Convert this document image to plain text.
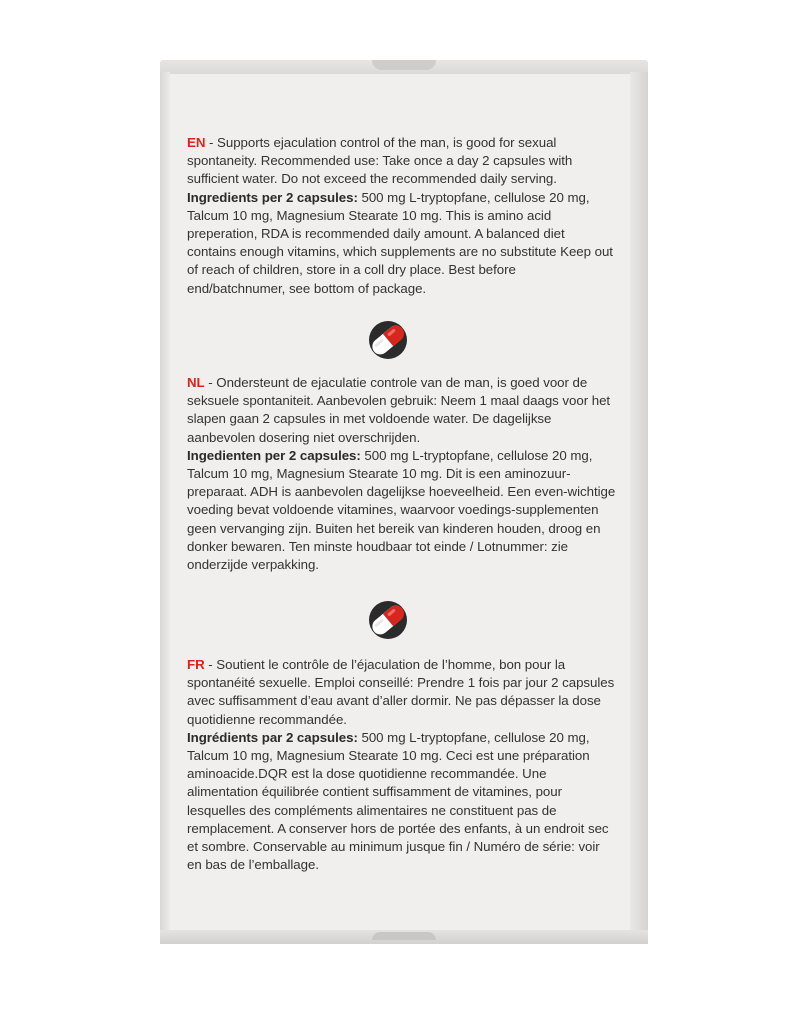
EN - Supports ejaculation control of the man, is good for sexual spontaneity. Recommended use: Take once a day 2 capsules with sufficient water. Do not exceed the recommended daily serving.
Ingredients per 2 capsules: 500 mg L-tryptopfane, cellulose 20 mg, Talcum 10 mg, Magnesium Stearate 10 mg. This is amino acid preperation, RDA is recommended daily amount. A balanced diet contains enough vitamins, which supplements are no substitute Keep out of reach of children, store in a coll dry place. Best before end/batchnumer, see bottom of package.

NL - Ondersteunt de ejaculatie controle van de man, is goed voor de seksuele spontaniteit. Aanbevolen gebruik: Neem 1 maal daags voor het slapen gaan 2 capsules in met voldoende water. De dagelijkse aanbevolen dosering niet overschrijden.
Ingedienten per 2 capsules: 500 mg L-tryptopfane, cellulose 20 mg, Talcum 10 mg, Magnesium Stearate 10 mg. Dit is een aminozuur-preparaat. ADH is aanbevolen dagelijkse hoeveelheid. Een even-wichtige voeding bevat voldoende vitamines, waarvoor voedings-supplementen geen vervanging zijn. Buiten het bereik van kinderen houden, droog en donker bewaren. Ten minste houdbaar tot einde / Lotnummer: zie onderzijde verpakking.

FR - Soutient le contrôle de l’éjaculation de l’homme, bon pour la spontanéité sexuelle. Emploi conseillé: Prendre 1 fois par jour 2 capsules avec suffisamment d’eau avant d’aller dormir. Ne pas dépasser la dose quotidienne recommandée.
Ingrédients par 2 capsules: 500 mg L-tryptopfane, cellulose 20 mg, Talcum 10 mg, Magnesium Stearate 10 mg. Ceci est une préparation aminoacide.DQR est la dose quotidienne recommandée. Une alimentation équilibrée contient suffisamment de vitamines, pour lesquelles des compléments alimentaires ne constituent pas de remplacement. A conserver hors de portée des enfants, à un endroit sec et sombre. Conservable au minimum jusque fin / Numéro de série: voir en bas de l’emballage.
